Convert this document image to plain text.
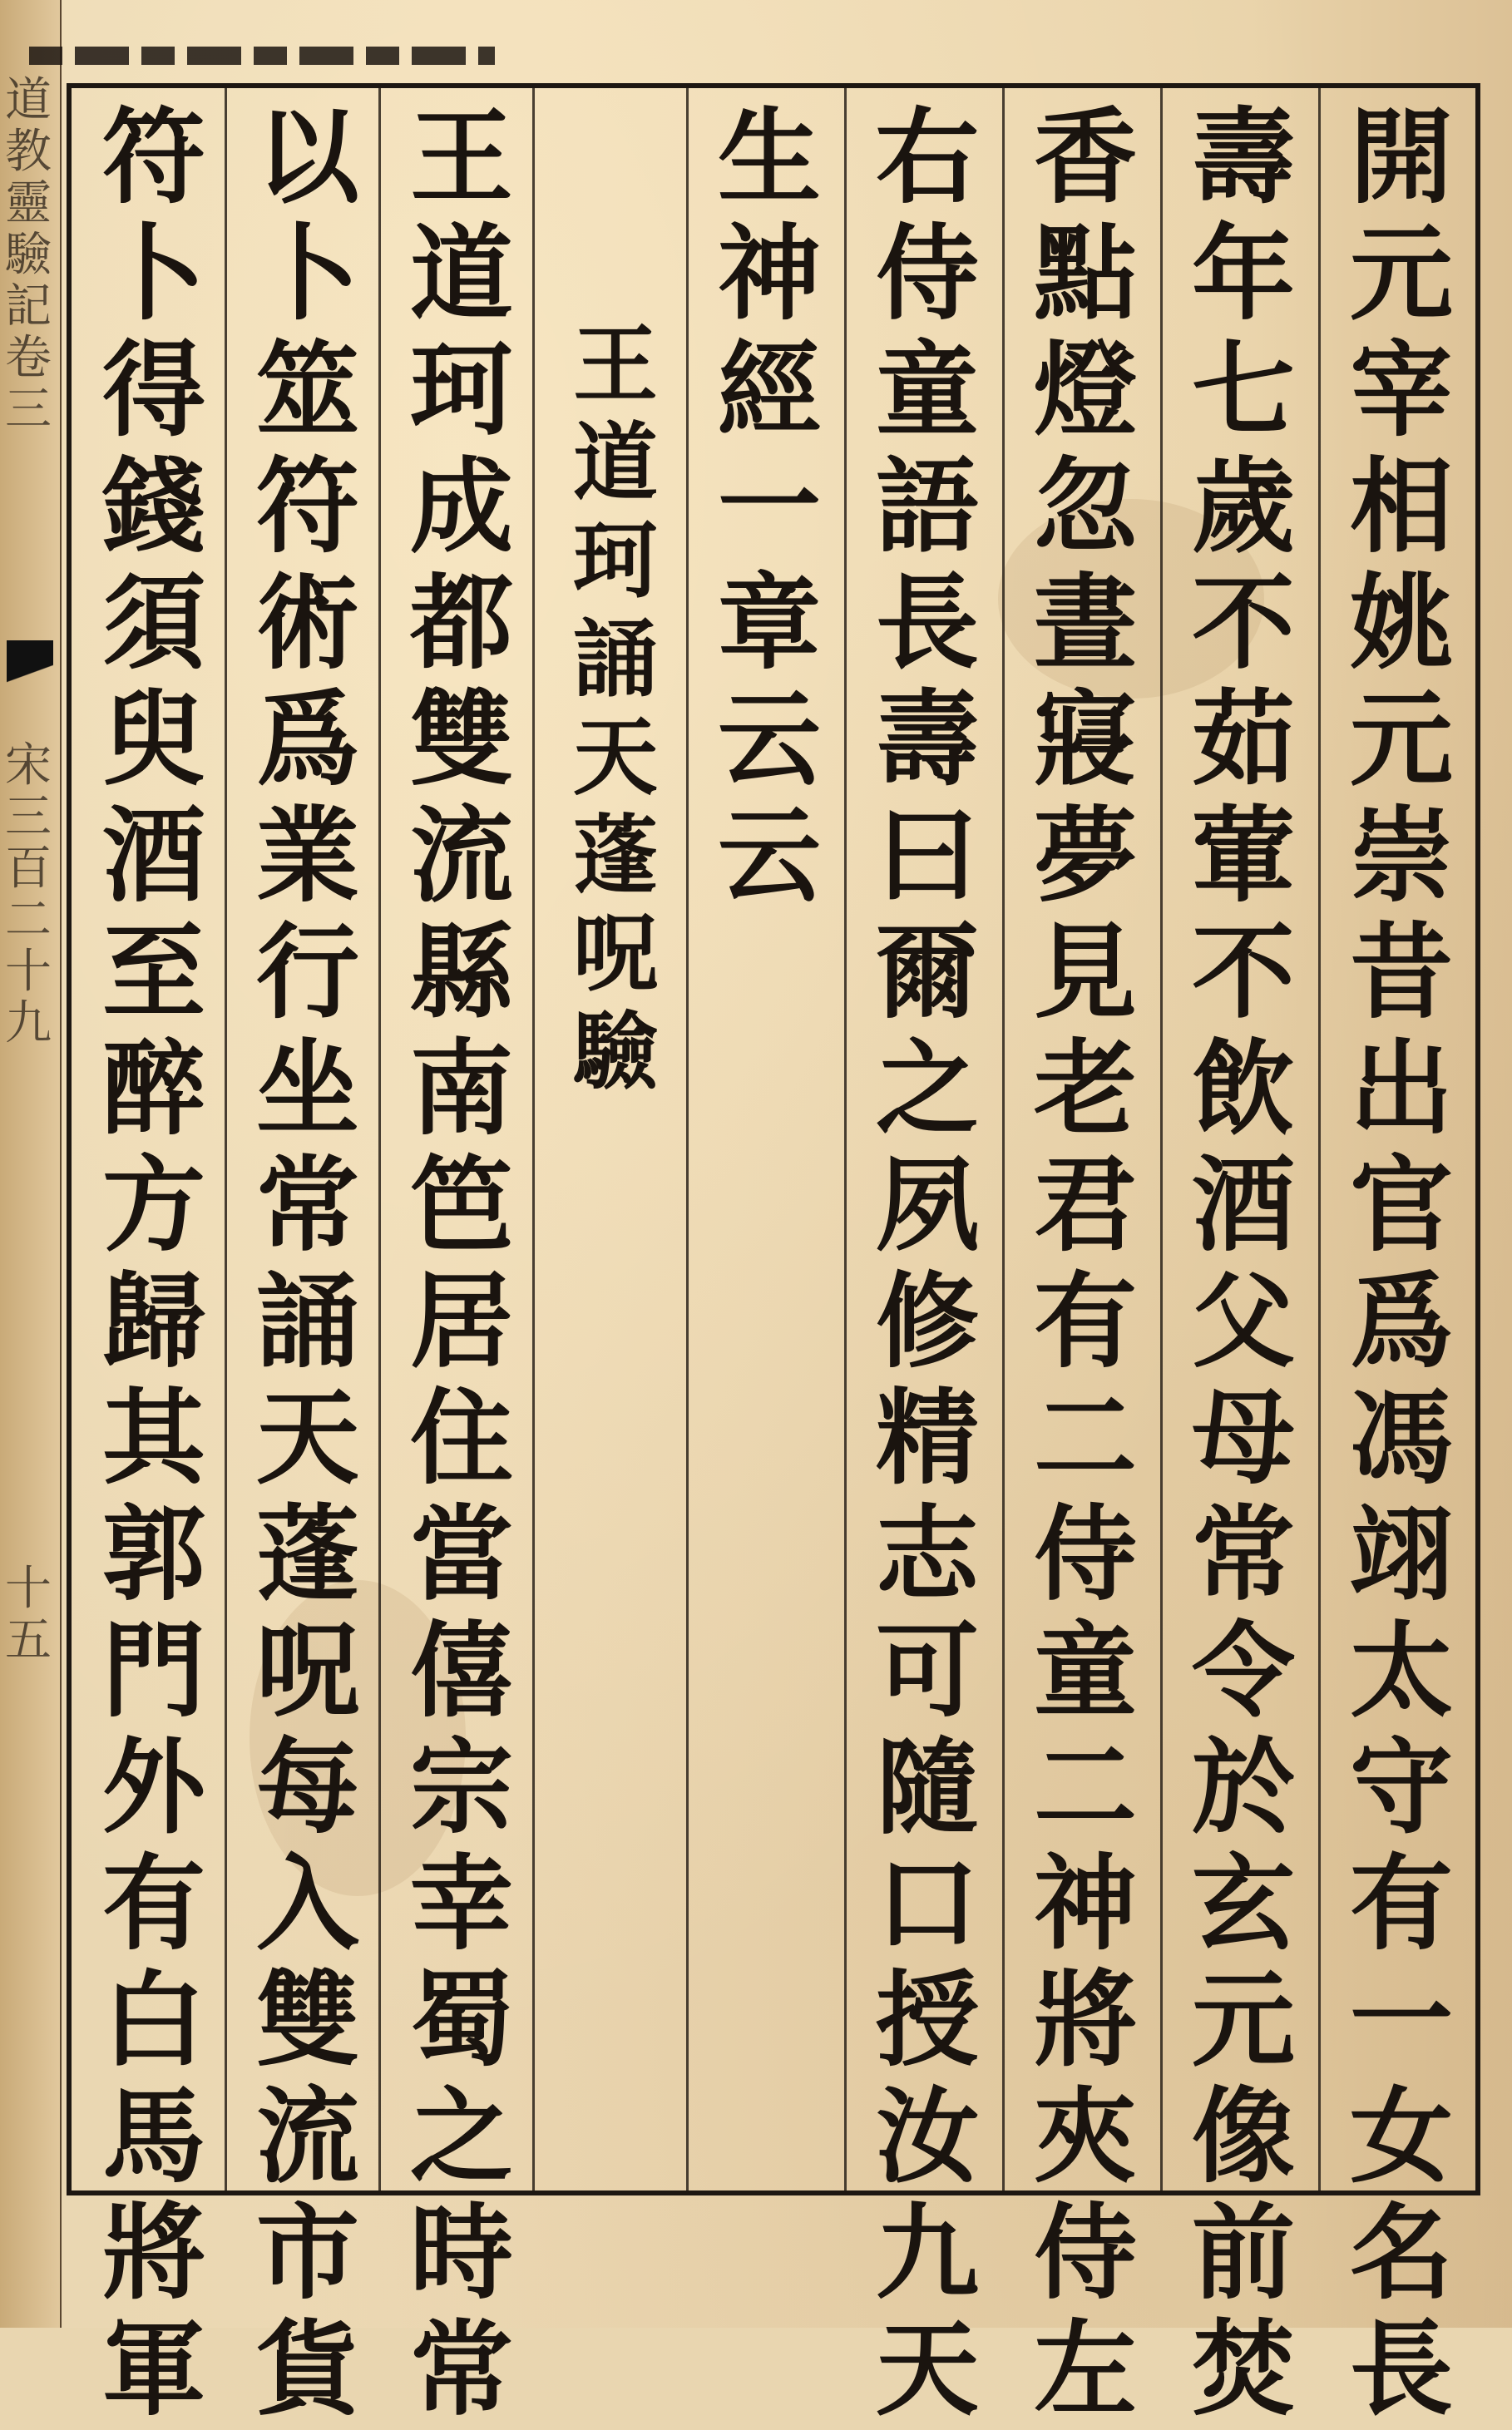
道
教
靈
驗
記
卷
三
宋
三
百
二
十
九
十
五
開
元
宰
相
姚
元
崇
昔
出
官
爲
馮
翊
太
守
有
一
女
名
長
壽
年
七
歲
不
茹
葷
不
飲
酒
父
母
常
令
於
玄
元
像
前
焚
香
點
燈
忽
晝
寢
夢
見
老
君
有
二
侍
童
二
神
將
夾
侍
左
右
侍
童
語
長
壽
曰
爾
之
夙
修
精
志
可
隨
口
授
汝
九
天
生
神
經
一
章
云
云
王
道
珂
誦
天
蓬
呪
驗
王
道
珂
成
都
雙
流
縣
南
笆
居
住
當
僖
宗
幸
蜀
之
時
常
以
卜
筮
符
術
爲
業
行
坐
常
誦
天
蓬
呪
每
入
雙
流
市
貨
符
卜
得
錢
須
臾
酒
至
醉
方
歸
其
郭
門
外
有
白
馬
將
軍
